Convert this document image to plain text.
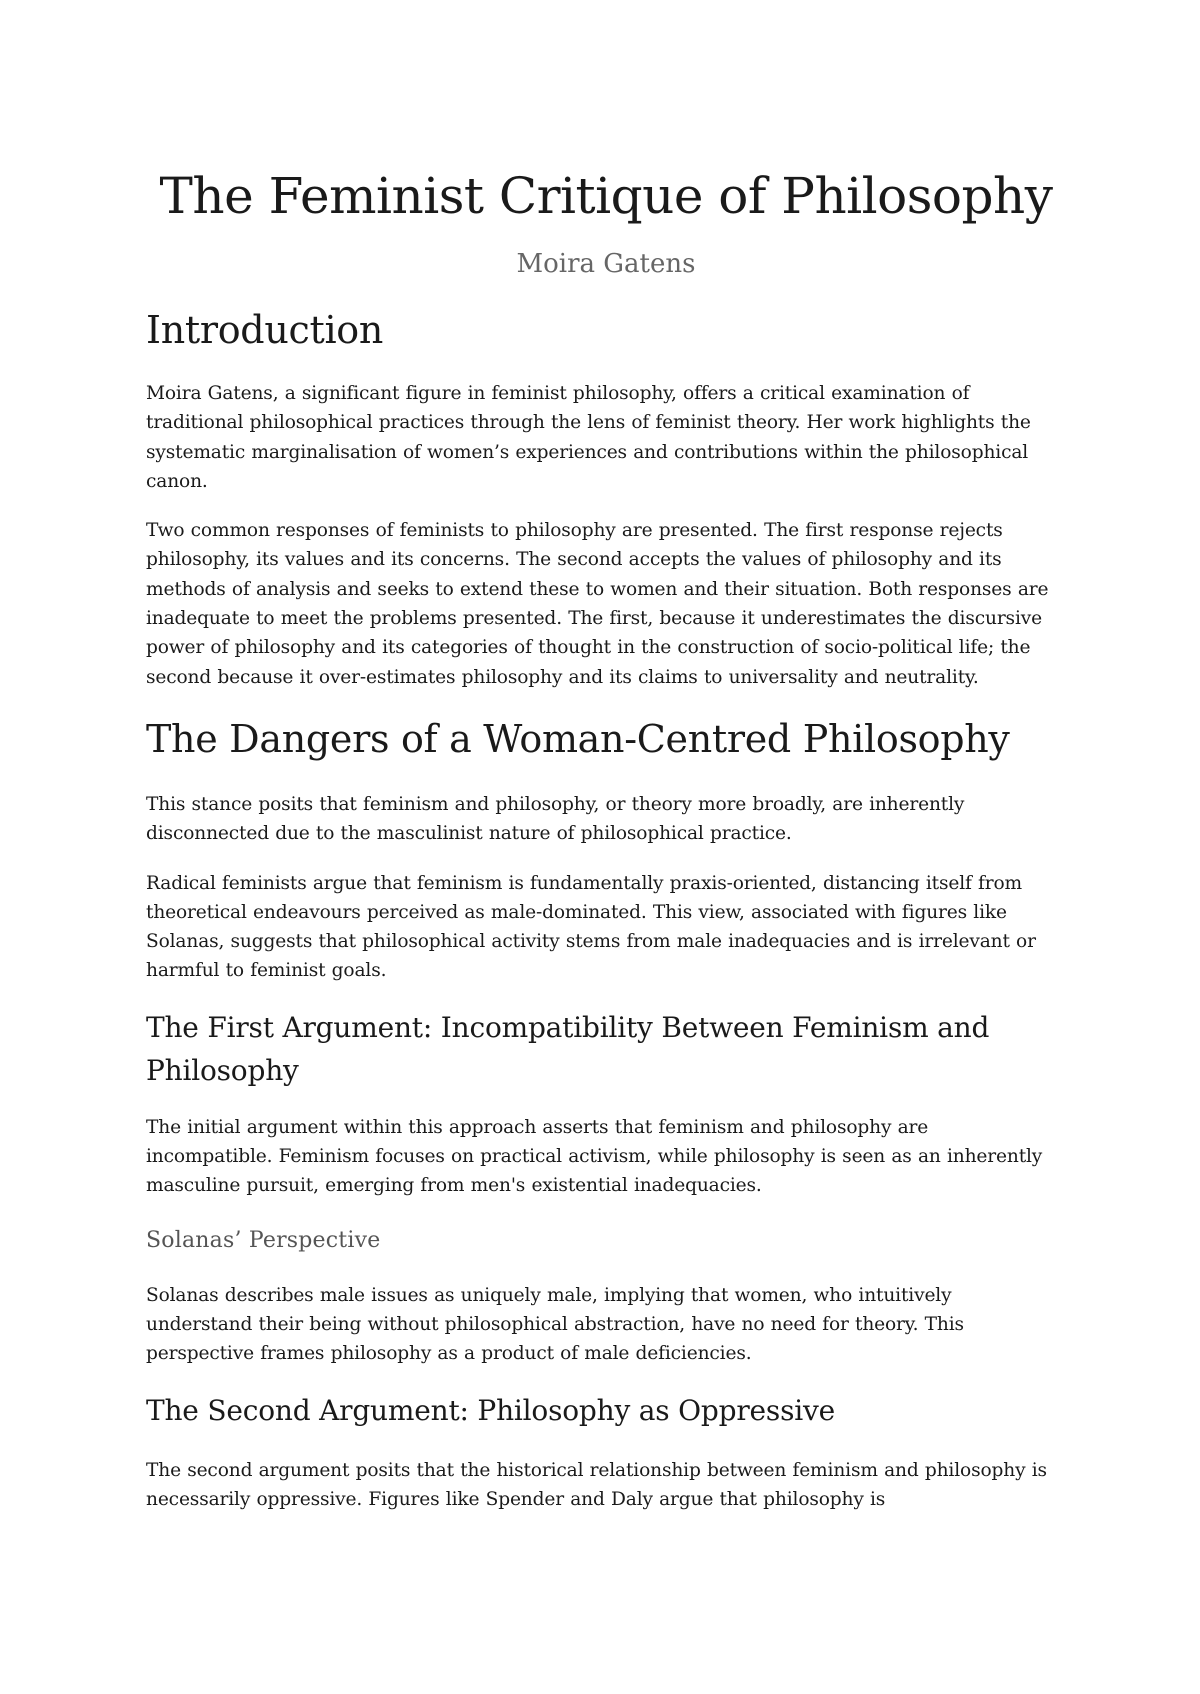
The Feminist Critique of Philosophy
Moira Gatens
Introduction

Moira Gatens, a significant figure in feminist philosophy, offers a critical examination of traditional philosophical practices through the lens of feminist theory. Her work highlights the systematic marginalisation of women’s experiences and contributions within the philosophical canon.

Two common responses of feminists to philosophy are presented. The first response rejects philosophy, its values and its concerns. The second accepts the values of philosophy and its methods of analysis and seeks to extend these to women and their situation. Both responses are inadequate to meet the problems presented. The first, because it underestimates the discursive power of philosophy and its categories of thought in the construction of socio-political life; the second because it over-estimates philosophy and its claims to universality and neutrality.

The Dangers of a Woman-Centred Philosophy

This stance posits that feminism and philosophy, or theory more broadly, are inherently disconnected due to the masculinist nature of philosophical practice.

Radical feminists argue that feminism is fundamentally praxis-oriented, distancing itself from theoretical endeavours perceived as male-dominated. This view, associated with figures like Solanas, suggests that philosophical activity stems from male inadequacies and is irrelevant or harmful to feminist goals.

The First Argument: Incompatibility Between Feminism and Philosophy

The initial argument within this approach asserts that feminism and philosophy are incompatible. Feminism focuses on practical activism, while philosophy is seen as an inherently masculine pursuit, emerging from men's existential inadequacies.

Solanas’ Perspective

Solanas describes male issues as uniquely male, implying that women, who intuitively understand their being without philosophical abstraction, have no need for theory. This perspective frames philosophy as a product of male deficiencies.

The Second Argument: Philosophy as Oppressive

The second argument posits that the historical relationship between feminism and philosophy is necessarily oppressive. Figures like Spender and Daly argue that philosophy is
